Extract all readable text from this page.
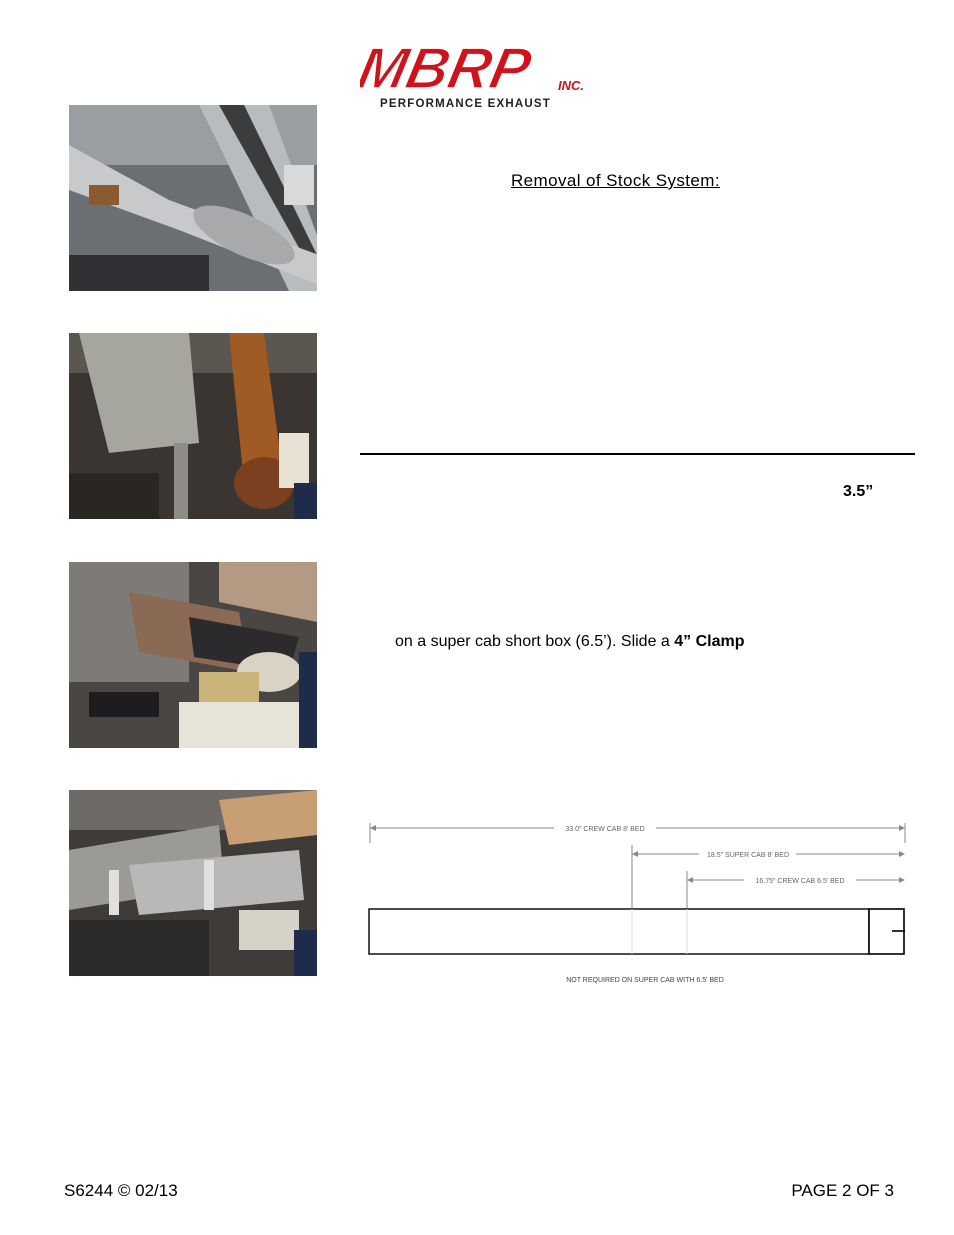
MBRP INC.
PERFORMANCE EXHAUST
Removal of Stock System:
3.5”
on a super cab short box (6.5’). Slide a 4” Clamp
33.0" CREW CAB 8' BED
18.5" SUPER CAB 8' BED
16.75" CREW CAB 6.5' BED
NOT REQUIRED ON SUPER CAB WITH 6.5' BED
S6244 © 02/13	PAGE 2 OF 3
